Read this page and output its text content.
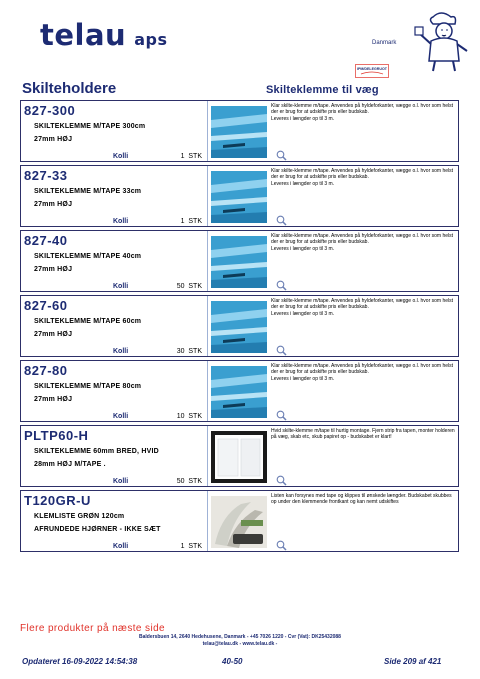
telau aps	Danmark
IPM/DELEGRUOT
Skilteholdere	Skilteklemme til væg
827-300
SKILTEKLEMME M/TAPE 300cm
27mm HØJ
Kolli	1 STK
Klar skilte-klemme m/tape. Anvendes på hyldeforkanter, vægge o.l. hvor som helst der er brug for at udskifte pris eller budskab.
Leveres i længder op til 3 m.
827-33
SKILTEKLEMME M/TAPE 33cm
27mm HØJ
Kolli	1 STK
Klar skilte-klemme m/tape. Anvendes på hyldeforkanter, vægge o.l. hvor som helst der er brug for at udskifte pris eller budskab.
Leveres i længder op til 3 m.
827-40
SKILTEKLEMME M/TAPE 40cm
27mm HØJ
Kolli	50 STK
Klar skilte-klemme m/tape. Anvendes på hyldeforkanter, vægge o.l. hvor som helst der er brug for at udskifte pris eller budskab.
Leveres i længder op til 3 m.
827-60
SKILTEKLEMME M/TAPE 60cm
27mm HØJ
Kolli	30 STK
Klar skilte-klemme m/tape. Anvendes på hyldeforkanter, vægge o.l. hvor som helst der er brug for at udskifte pris eller budskab.
Leveres i længder op til 3 m.
827-80
SKILTEKLEMME M/TAPE 80cm
27mm HØJ
Kolli	10 STK
Klar skilte-klemme m/tape. Anvendes på hyldeforkanter, vægge o.l. hvor som helst der er brug for at udskifte pris eller budskab.
Leveres i længder op til 3 m.
PLTP60-H
SKILTEKLEMME 60mm BRED, HVID
28mm HØJ M/TAPE .
Kolli	50 STK
Hvid skilte-klemme m/tape til hurtig montage. Fjern strip fra tapen, monter holderen på væg, skab etc, skub papiret op - budskabet er klart!
T120GR-U
KLEMLISTE GRØN 120cm
AFRUNDEDE HJØRNER - IKKE SÆT
Kolli	1 STK
Listen kan forsynes med tape og klippes til ønskede længder. Budskabet skubbes op under den klemmende frontkant og kan nemt udskiftes
Flere produkter på næste side
Baldersbuen 14, 2640 Hedehusene, Danmark - +45 7026 1220 - Cvr (Vat): DK25432088
telau@telau.dk - www.telau.dk -
Opdateret 16-09-2022 14:54:38	40-50	Side 209 af 421
